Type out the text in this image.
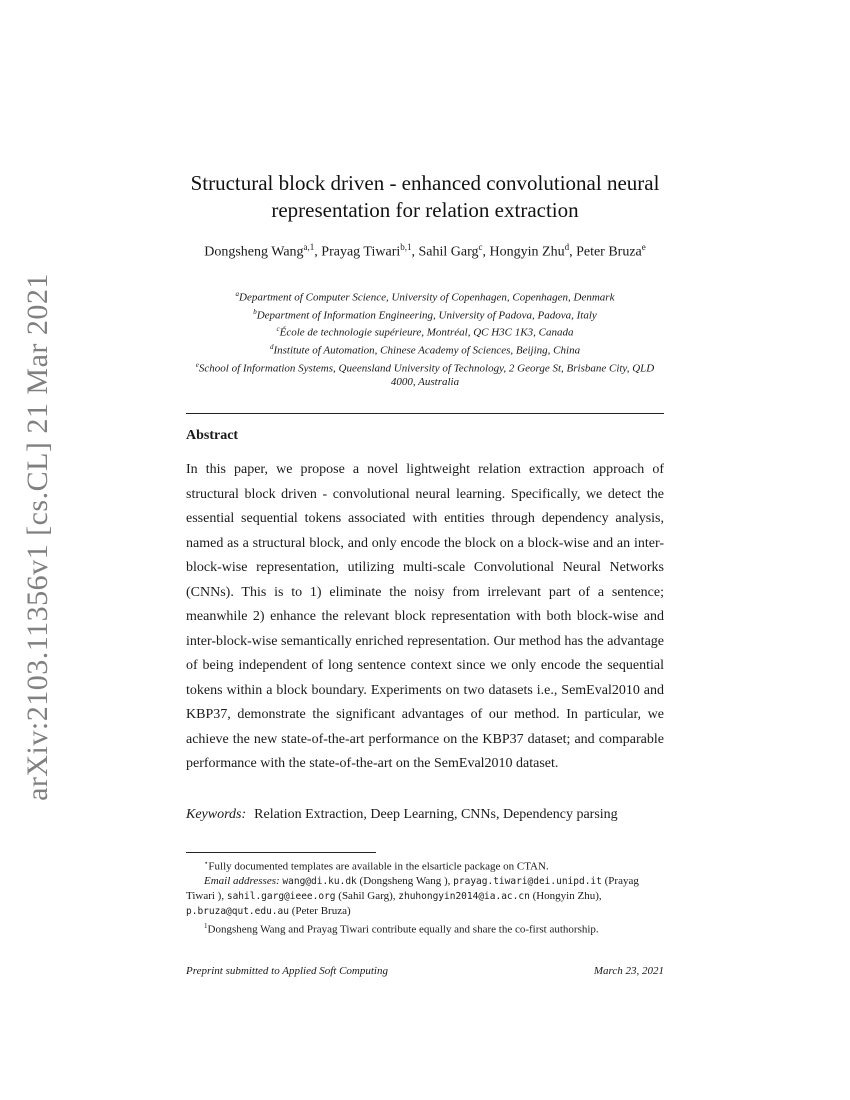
arXiv:2103.11356v1 [cs.CL] 21 Mar 2021
Structural block driven - enhanced convolutional neural representation for relation extraction
Dongsheng Wang$^{a,1}$, Prayag Tiwari$^{b,1}$, Sahil Garg$^c$, Hongyin Zhu$^d$, Peter Bruza$^e$
$^a$Department of Computer Science, University of Copenhagen, Copenhagen, Denmark
$^b$Department of Information Engineering, University of Padova, Padova, Italy
$^c$École de technologie supérieure, Montréal, QC H3C 1K3, Canada
$^d$Institute of Automation, Chinese Academy of Sciences, Beijing, China
$^e$School of Information Systems, Queensland University of Technology, 2 George St, Brisbane City, QLD 4000, Australia
Abstract
In this paper, we propose a novel lightweight relation extraction approach of structural block driven - convolutional neural learning. Specifically, we detect the essential sequential tokens associated with entities through dependency analysis, named as a structural block, and only encode the block on a block-wise and an inter-block-wise representation, utilizing multi-scale Convolutional Neural Networks (CNNs). This is to 1) eliminate the noisy from irrelevant part of a sentence; meanwhile 2) enhance the relevant block representation with both block-wise and inter-block-wise semantically enriched representation. Our method has the advantage of being independent of long sentence context since we only encode the sequential tokens within a block boundary. Experiments on two datasets i.e., SemEval2010 and KBP37, demonstrate the significant advantages of our method. In particular, we achieve the new state-of-the-art performance on the KBP37 dataset; and comparable performance with the state-of-the-art on the SemEval2010 dataset.
Keywords: Relation Extraction, Deep Learning, CNNs, Dependency parsing

⋆Fully documented templates are available in the elsarticle package on CTAN.

Email addresses: wang@di.ku.dk (Dongsheng Wang ), prayag.tiwari@dei.unipd.it (Prayag Tiwari ), sahil.garg@ieee.org (Sahil Garg), zhuhongyin2014@ia.ac.cn (Hongyin Zhu), p.bruza@qut.edu.au (Peter Bruza)

$^1$Dongsheng Wang and Prayag Tiwari contribute equally and share the co-first authorship.

Preprint submitted to Applied Soft Computing	March 23, 2021
